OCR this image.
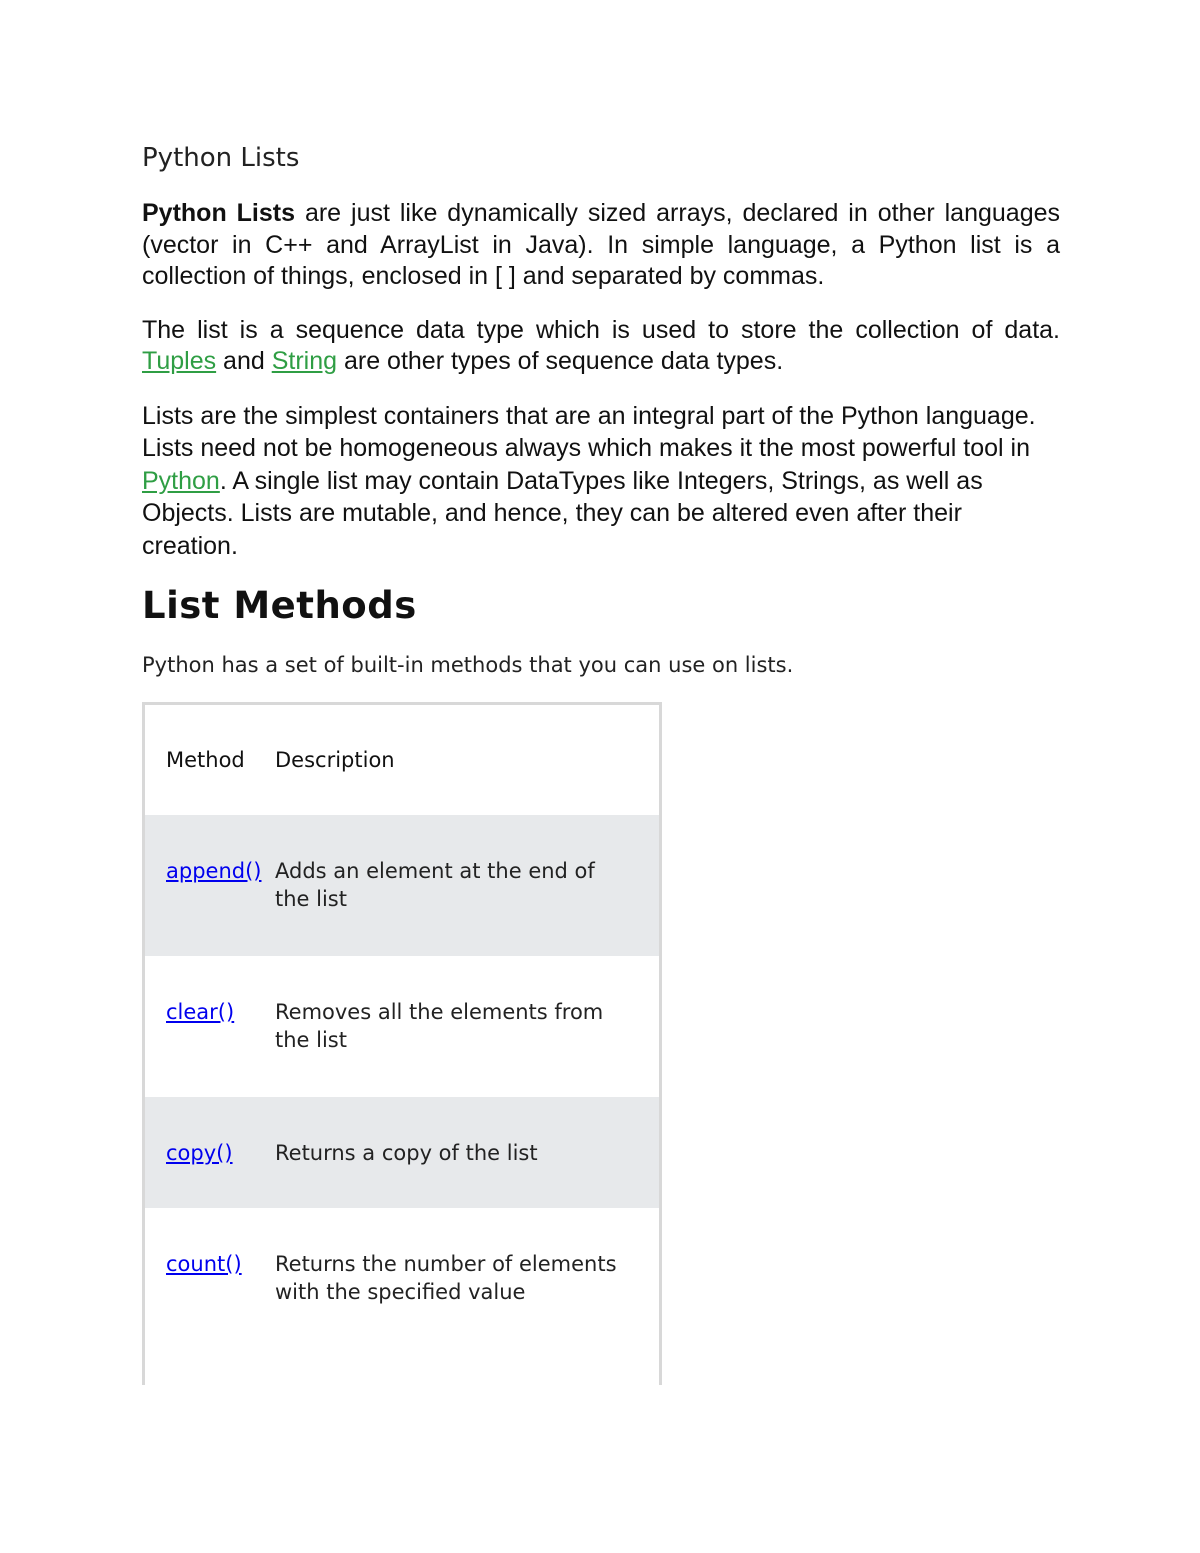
Python Lists

Python Lists are just like dynamically sized arrays, declared in other languages (vector in C++ and ArrayList in Java). In simple language, a Python list is a collection of things, enclosed in [ ] and separated by commas.

The list is a sequence data type which is used to store the collection of data. Tuples and String are other types of sequence data types.

Lists are the simplest containers that are an integral part of the Python language. Lists need not be homogeneous always which makes it the most powerful tool in Python. A single list may contain DataTypes like Integers, Strings, as well as Objects. Lists are mutable, and hence, they can be altered even after their creation.

List Methods
Python has a set of built-in methods that you can use on lists.
Method	Description
append() Adds an element at the end of the list
clear()	Removes all the elements from the list
copy()	Returns a copy of the list
count()	Returns the number of elements with the specified value
